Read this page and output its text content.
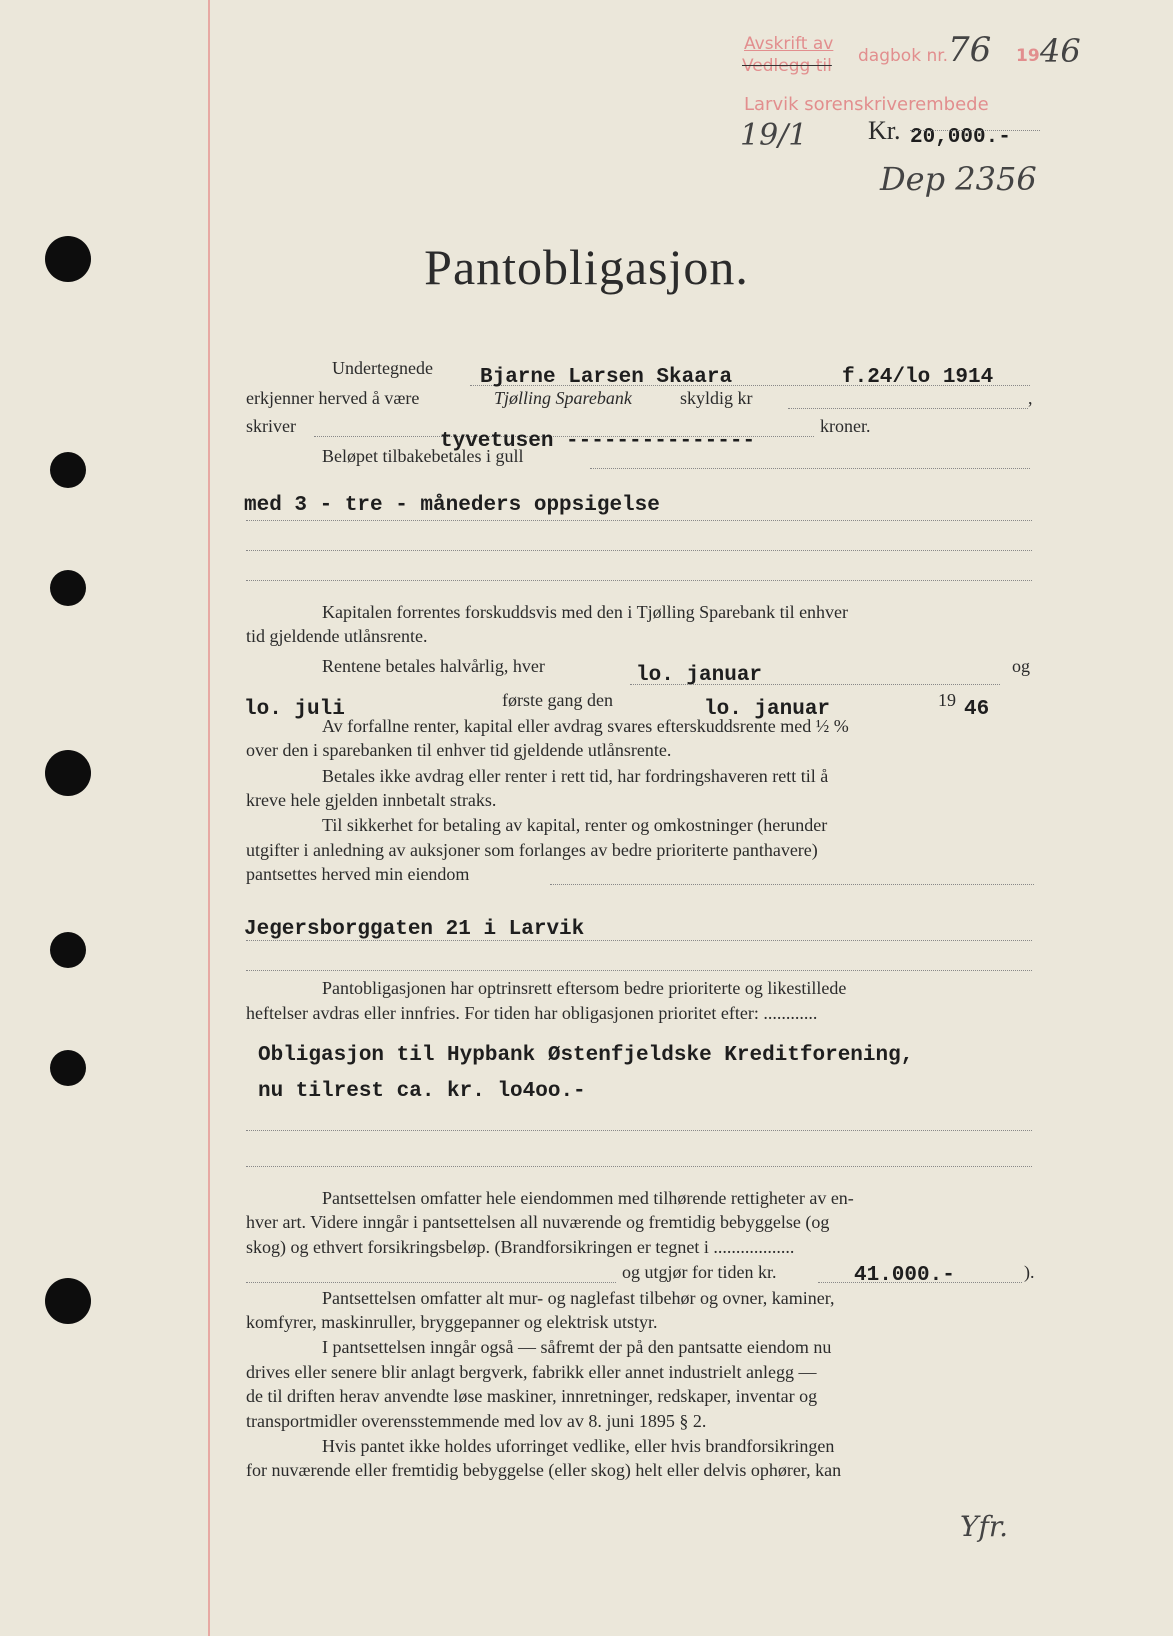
Avskrift av
Vedlegg til dagbok nr. 76 19 46
Larvik sorenskriverembede
Kr. 20,000.-
19/1
Dep 2356
Pantobligasjon.
Undertegnede Bjarne Larsen Skaara	f.24/lo 1914
erkjenner herved å være	Tjølling Sparebank	skyldig kr	,
skriver	kroner.
tyvetusen ---------------
Beløpet tilbakebetales i gull
med 3 - tre - måneders oppsigelse
Kapitalen forrentes forskuddsvis med den i Tjølling Sparebank til enhver
tid gjeldende utlånsrente.
Rentene betales halvårlig, hver	lo. januar	og
lo. juli	første gang den	lo. januar	19 46
Av forfallne renter, kapital eller avdrag svares efterskuddsrente med ½ %
over den i sparebanken til enhver tid gjeldende utlånsrente.
Betales ikke avdrag eller renter i rett tid, har fordringshaveren rett til å
kreve hele gjelden innbetalt straks.
Til sikkerhet for betaling av kapital, renter og omkostninger (herunder
utgifter i anledning av auksjoner som forlanges av bedre prioriterte panthavere)
pantsettes herved min eiendom
Jegersborggaten 21 i Larvik
Pantobligasjonen har optrinsrett eftersom bedre prioriterte og likestillede
heftelser avdras eller innfries. For tiden har obligasjonen prioritet efter: ............
Obligasjon til Hypbank Østenfjeldske Kreditforening,
nu tilrest ca. kr. lo4oo.-
Pantsettelsen omfatter hele eiendommen med tilhørende rettigheter av en-
hver art. Videre inngår i pantsettelsen all nuværende og fremtidig bebyggelse (og
skog) og ethvert forsikringsbeløp. (Brandforsikringen er tegnet i ..................
og utgjør for tiden kr.	41.000.-	).
Pantsettelsen omfatter alt mur- og naglefast tilbehør og ovner, kaminer,
komfyrer, maskinruller, bryggepanner og elektrisk utstyr.
I pantsettelsen inngår også — såfremt der på den pantsatte eiendom nu
drives eller senere blir anlagt bergverk, fabrikk eller annet industrielt anlegg —
de til driften herav anvendte løse maskiner, innretninger, redskaper, inventar og
transportmidler overensstemmende med lov av 8. juni 1895 § 2.
Hvis pantet ikke holdes uforringet vedlike, eller hvis brandforsikringen
for nuværende eller fremtidig bebyggelse (eller skog) helt eller delvis ophører, kan
Yfr.
